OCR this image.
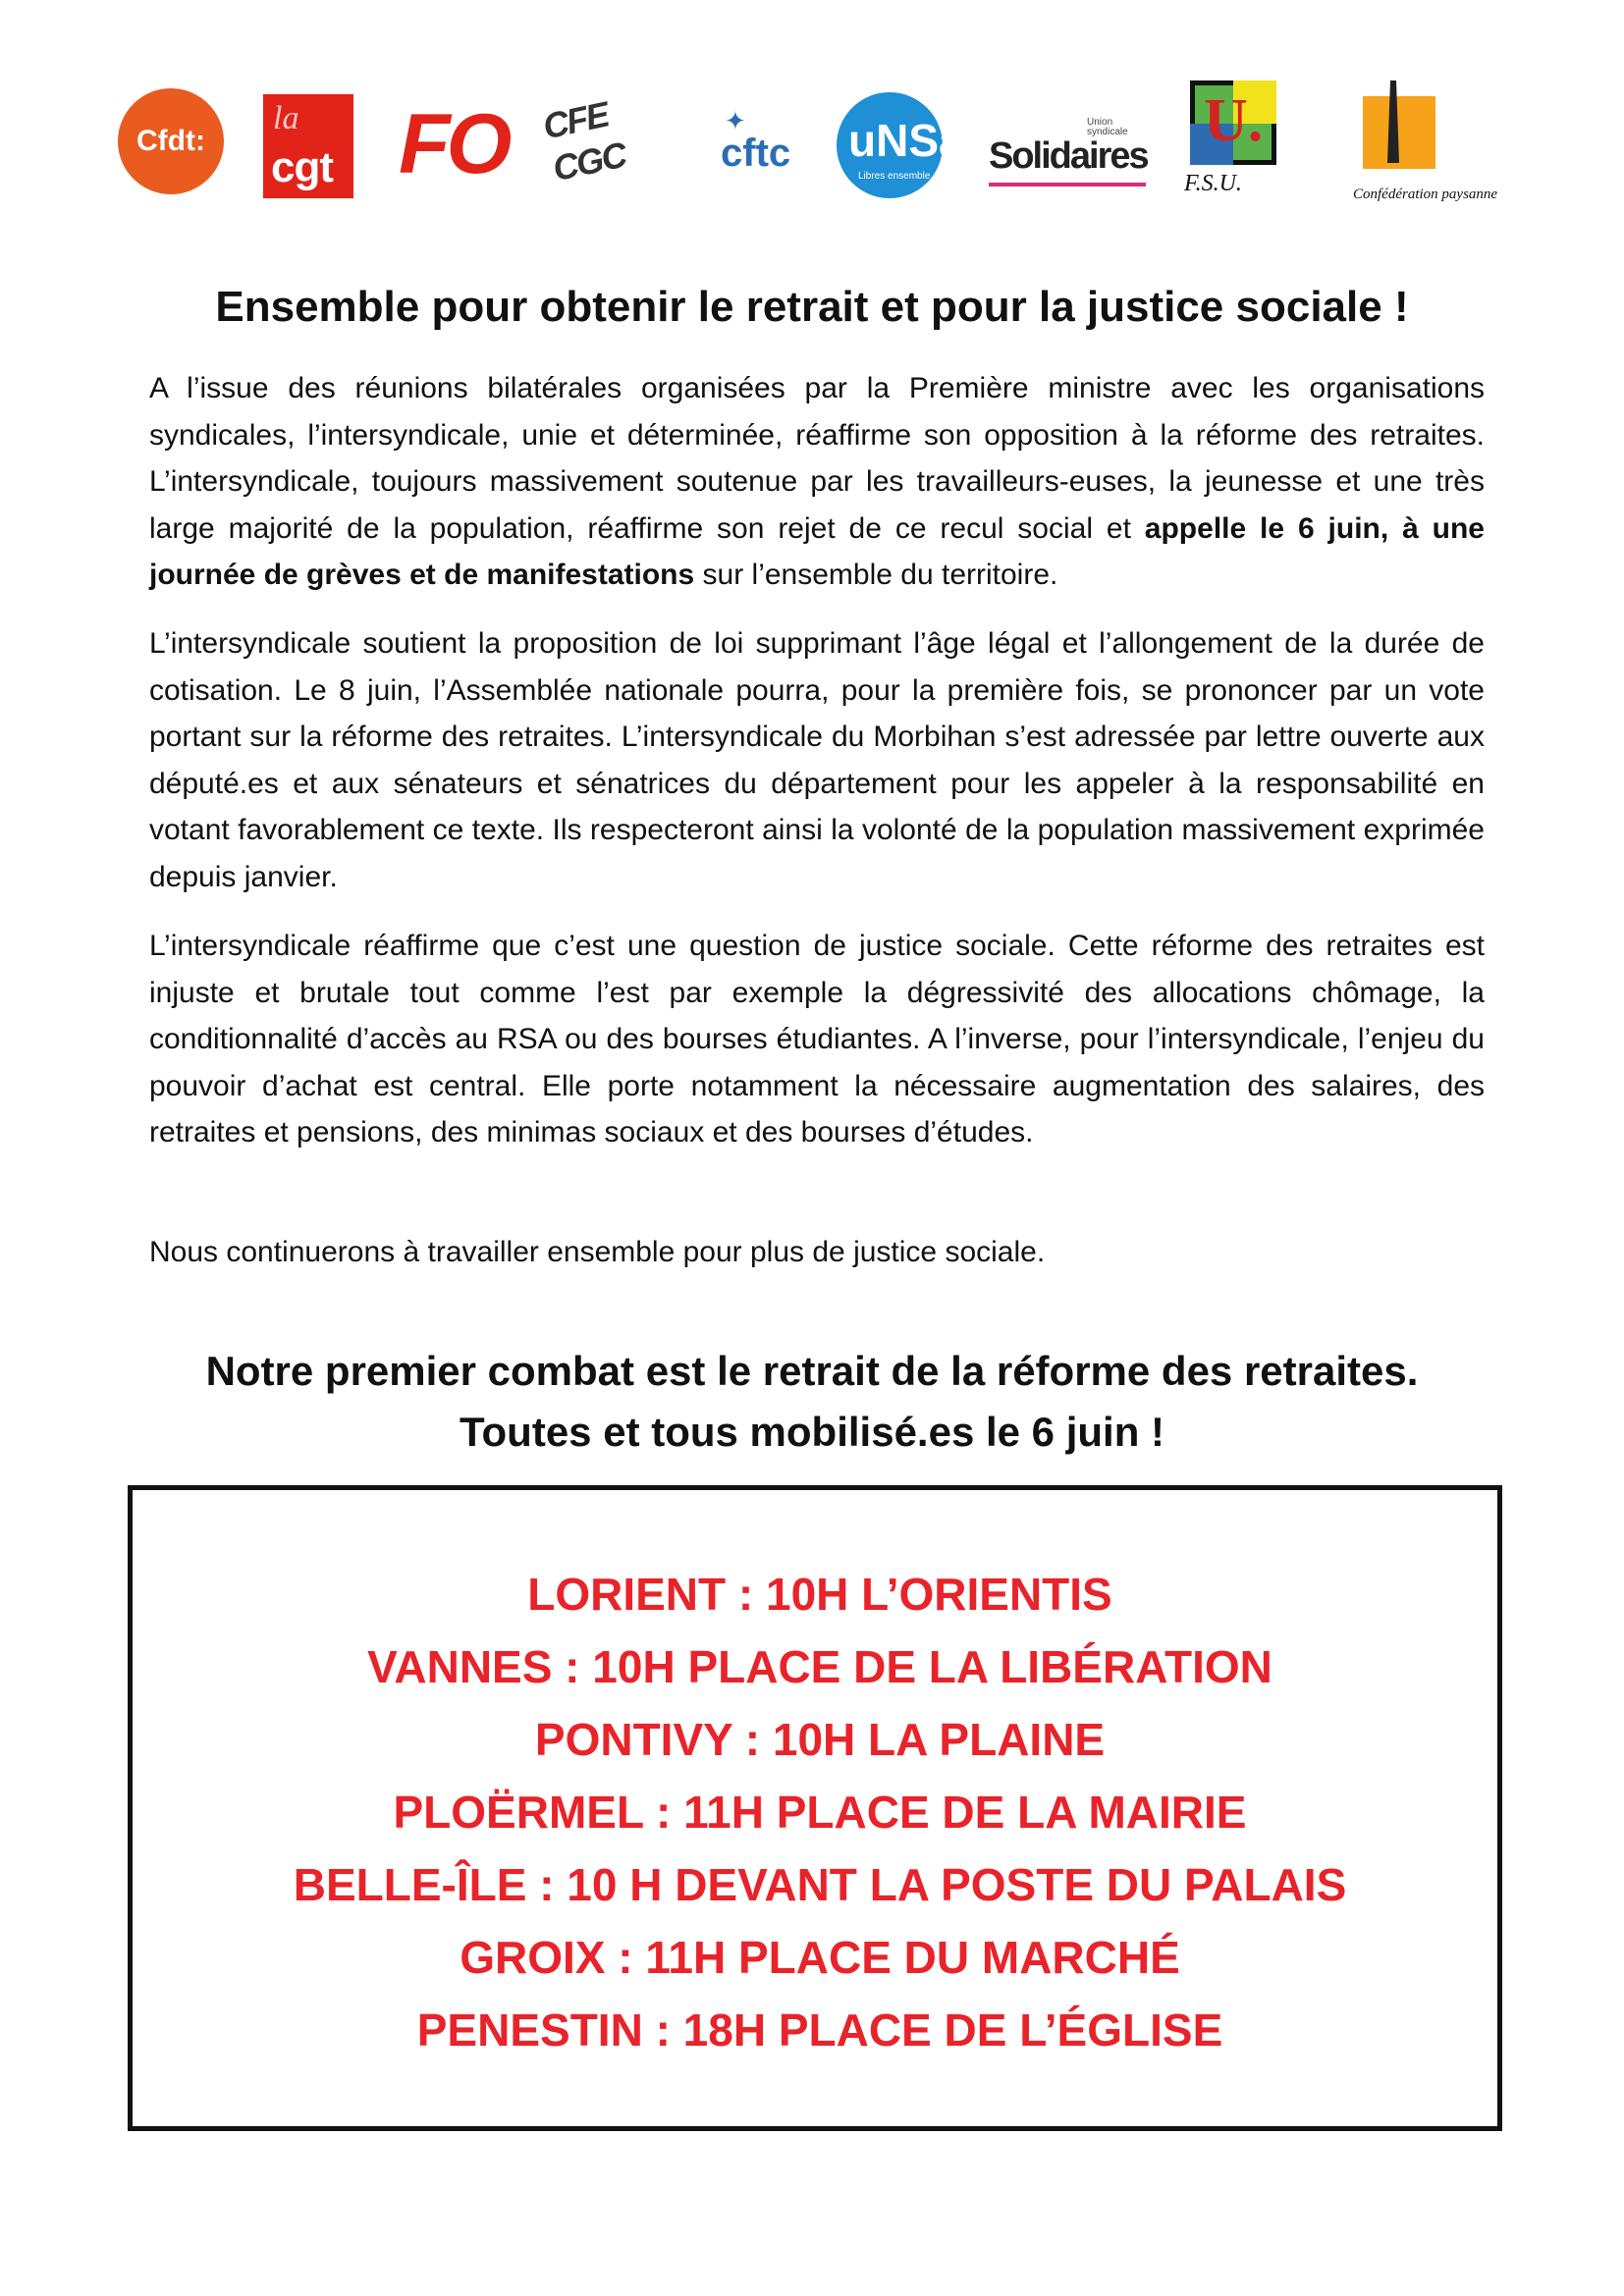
Cfdt:
la
cgt FO CFE
CGC
✦
cftc uNSa
Libres ensemble
Union syndicale
Solidaires
U.
F.S.U.	Confédération paysanne
Ensemble pour obtenir le retrait et pour la justice sociale !

A l’issue des réunions bilatérales organisées par la Première ministre avec les organisations syndicales, l’intersyndicale, unie et déterminée, réaffirme son opposition à la réforme des retraites. L’intersyndicale, toujours massivement soutenue par les travailleurs-euses, la jeunesse et une très large majorité de la population, réaffirme son rejet de ce recul social et appelle le 6 juin, à une journée de grèves et de manifestations sur l’ensemble du territoire.

L’intersyndicale soutient la proposition de loi supprimant l’âge légal et l’allongement de la durée de cotisation. Le 8 juin, l’Assemblée nationale pourra, pour la première fois, se prononcer par un vote portant sur la réforme des retraites. L’intersyndicale du Morbihan s’est adressée par lettre ouverte aux député.es et aux sénateurs et sénatrices du département pour les appeler à la responsabilité en votant favorablement ce texte. Ils respecteront ainsi la volonté de la population massivement exprimée depuis janvier.

L’intersyndicale réaffirme que c’est une question de justice sociale. Cette réforme des retraites est injuste et brutale tout comme l’est par exemple la dégressivité des allocations chômage, la conditionnalité d’accès au RSA ou des bourses étudiantes. A l’inverse, pour l’intersyndicale, l’enjeu du pouvoir d’achat est central. Elle porte notamment la nécessaire augmentation des salaires, des retraites et pensions, des minimas sociaux et des bourses d’études.

Nous continuerons à travailler ensemble pour plus de justice sociale.

Notre premier combat est le retrait de la réforme des retraites.
Toutes et tous mobilisé.es le 6 juin !
LORIENT : 10H L’ORIENTIS
VANNES : 10H PLACE DE LA LIBÉRATION
PONTIVY : 10H LA PLAINE
PLOËRMEL : 11H PLACE DE LA MAIRIE
BELLE-ÎLE : 10 H DEVANT LA POSTE DU PALAIS
GROIX : 11H PLACE DU MARCHÉ
PENESTIN : 18H PLACE DE L’ÉGLISE
